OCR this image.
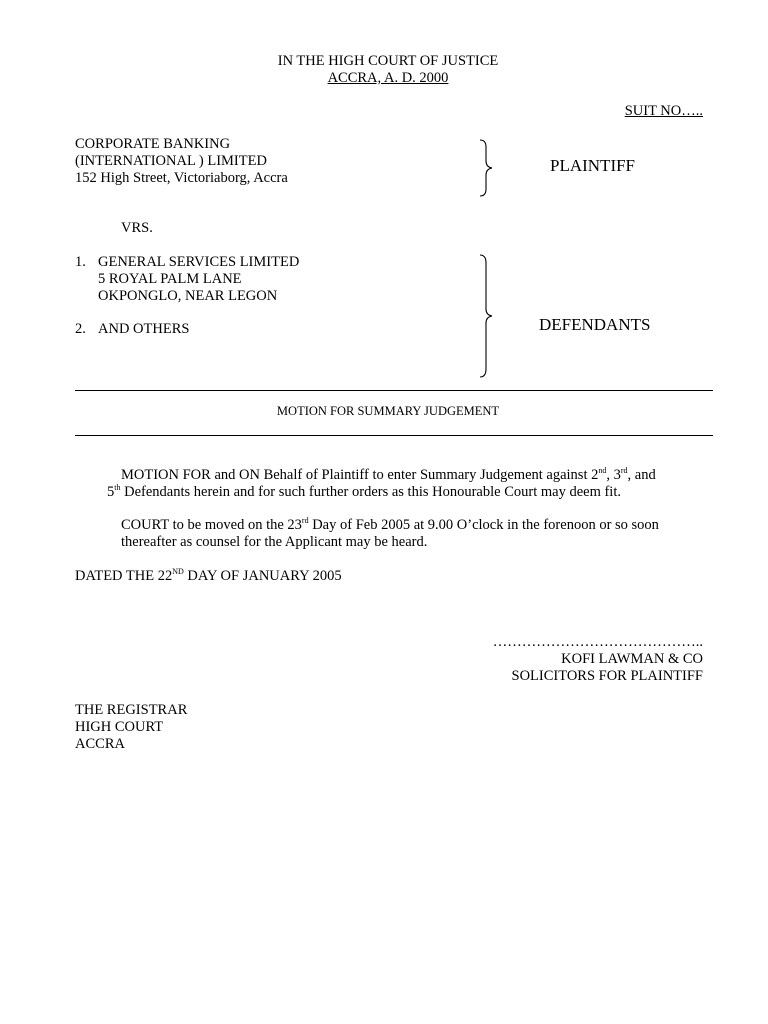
IN THE HIGH COURT OF JUSTICE
ACCRA, A. D. 2000
SUIT NO…..
CORPORATE BANKING
(INTERNATIONAL ) LIMITED
152 High Street, Victoriaborg, Accra
PLAINTIFF
VRS.
1. GENERAL SERVICES LIMITED
5 ROYAL PALM LANE
OKPONGLO, NEAR LEGON
2. AND OTHERS	DEFENDANTS
MOTION FOR SUMMARY JUDGEMENT
MOTION FOR and ON Behalf of Plaintiff to enter Summary Judgement against 2nd, 3rd, and
5th Defendants herein and for such further orders as this Honourable Court may deem fit.
COURT to be moved on the 23rd Day of Feb 2005 at 9.00 O’clock in the forenoon or so soon
thereafter as counsel for the Applicant may be heard.
DATED THE 22ND DAY OF JANUARY 2005
……………………………………..
KOFI LAWMAN & CO
SOLICITORS FOR PLAINTIFF
THE REGISTRAR
HIGH COURT
ACCRA
